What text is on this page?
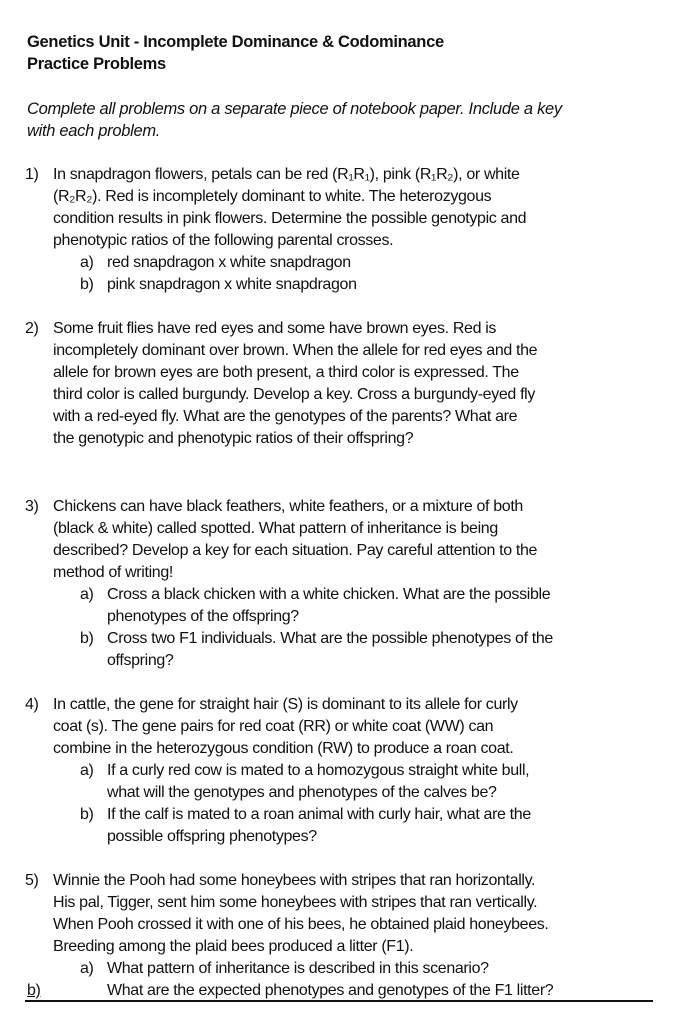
Genetics Unit - Incomplete Dominance & Codominance
Practice Problems
Complete all problems on a separate piece of notebook paper. Include a key
with each problem.
1) In snapdragon flowers, petals can be red (R₁R₁), pink (R₁R₂), or white
(R₂R₂). Red is incompletely dominant to white. The heterozygous
condition results in pink flowers. Determine the possible genotypic and
phenotypic ratios of the following parental crosses.
a) red snapdragon x white snapdragon
b) pink snapdragon x white snapdragon
2) Some fruit flies have red eyes and some have brown eyes. Red is
incompletely dominant over brown. When the allele for red eyes and the
allele for brown eyes are both present, a third color is expressed. The
third color is called burgundy. Develop a key. Cross a burgundy-eyed fly
with a red-eyed fly. What are the genotypes of the parents? What are
the genotypic and phenotypic ratios of their offspring?
3) Chickens can have black feathers, white feathers, or a mixture of both
(black & white) called spotted. What pattern of inheritance is being
described? Develop a key for each situation. Pay careful attention to the
method of writing!
a) Cross a black chicken with a white chicken. What are the possible
phenotypes of the offspring?
b) Cross two F1 individuals. What are the possible phenotypes of the
offspring?
4) In cattle, the gene for straight hair (S) is dominant to its allele for curly
coat (s). The gene pairs for red coat (RR) or white coat (WW) can
combine in the heterozygous condition (RW) to produce a roan coat.
a) If a curly red cow is mated to a homozygous straight white bull,
what will the genotypes and phenotypes of the calves be?
b) If the calf is mated to a roan animal with curly hair, what are the
possible offspring phenotypes?
5) Winnie the Pooh had some honeybees with stripes that ran horizontally.
His pal, Tigger, sent him some honeybees with stripes that ran vertically.
When Pooh crossed it with one of his bees, he obtained plaid honeybees.
Breeding among the plaid bees produced a litter (F1).
a) What pattern of inheritance is described in this scenario?
b)	What are the expected phenotypes and genotypes of the F1 litter?
